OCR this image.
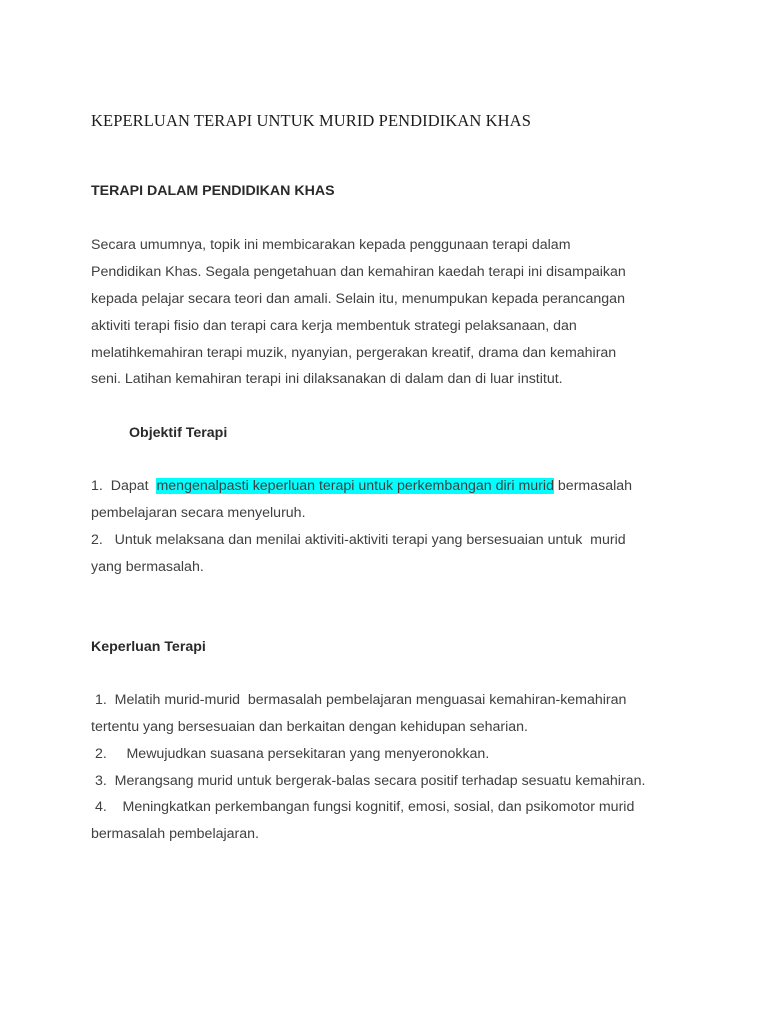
KEPERLUAN TERAPI UNTUK MURID PENDIDIKAN KHAS
TERAPI DALAM PENDIDIKAN KHAS
Secara umumnya, topik ini membicarakan kepada penggunaan terapi dalam
Pendidikan Khas. Segala pengetahuan dan kemahiran kaedah terapi ini disampaikan
kepada pelajar secara teori dan amali. Selain itu, menumpukan kepada perancangan
aktiviti terapi fisio dan terapi cara kerja membentuk strategi pelaksanaan, dan
melatihkemahiran terapi muzik, nyanyian, pergerakan kreatif, drama dan kemahiran
seni. Latihan kemahiran terapi ini dilaksanakan di dalam dan di luar institut.
Objektif Terapi
1.  Dapat  mengenalpasti keperluan terapi untuk perkembangan diri murid bermasalah
pembelajaran secara menyeluruh.
2.   Untuk melaksana dan menilai aktiviti-aktiviti terapi yang bersesuaian untuk  murid
yang bermasalah.
Keperluan Terapi
1.  Melatih murid-murid  bermasalah pembelajaran menguasai kemahiran-kemahiran
tertentu yang bersesuaian dan berkaitan dengan kehidupan seharian.
2.     Mewujudkan suasana persekitaran yang menyeronokkan.
3.  Merangsang murid untuk bergerak-balas secara positif terhadap sesuatu kemahiran.
4.    Meningkatkan perkembangan fungsi kognitif, emosi, sosial, dan psikomotor murid
bermasalah pembelajaran.
